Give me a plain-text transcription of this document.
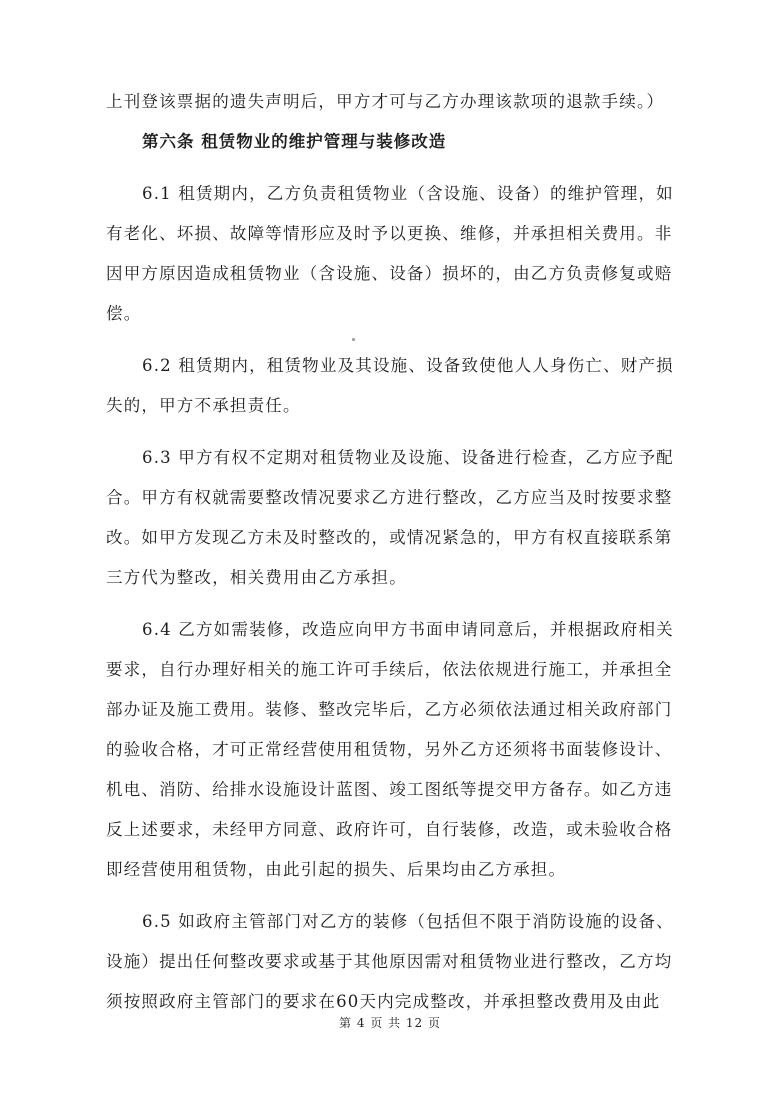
上刊登该票据的遗失声明后，甲方才可与乙方办理该款项的退款手续。）
第六条 租赁物业的维护管理与装修改造
6.1 租赁期内，乙方负责租赁物业（含设施、设备）的维护管理，如
有老化、坏损、故障等情形应及时予以更换、维修，并承担相关费用。非
因甲方原因造成租赁物业（含设施、设备）损坏的，由乙方负责修复或赔
偿。
6.2 租赁期内，租赁物业及其设施、设备致使他人人身伤亡、财产损
失的，甲方不承担责任。
6.3 甲方有权不定期对租赁物业及设施、设备进行检查，乙方应予配
合。甲方有权就需要整改情况要求乙方进行整改，乙方应当及时按要求整
改。如甲方发现乙方未及时整改的，或情况紧急的，甲方有权直接联系第
三方代为整改，相关费用由乙方承担。
6.4 乙方如需装修，改造应向甲方书面申请同意后，并根据政府相关
要求，自行办理好相关的施工许可手续后，依法依规进行施工，并承担全
部办证及施工费用。装修、整改完毕后，乙方必须依法通过相关政府部门
的验收合格，才可正常经营使用租赁物，另外乙方还须将书面装修设计、
机电、消防、给排水设施设计蓝图、竣工图纸等提交甲方备存。如乙方违
反上述要求，未经甲方同意、政府许可，自行装修，改造，或未验收合格
即经营使用租赁物，由此引起的损失、后果均由乙方承担。
6.5 如政府主管部门对乙方的装修（包括但不限于消防设施的设备、
设施）提出任何整改要求或基于其他原因需对租赁物业进行整改，乙方均
须按照政府主管部门的要求在60天内完成整改，并承担整改费用及由此
第 4 页 共 12 页
